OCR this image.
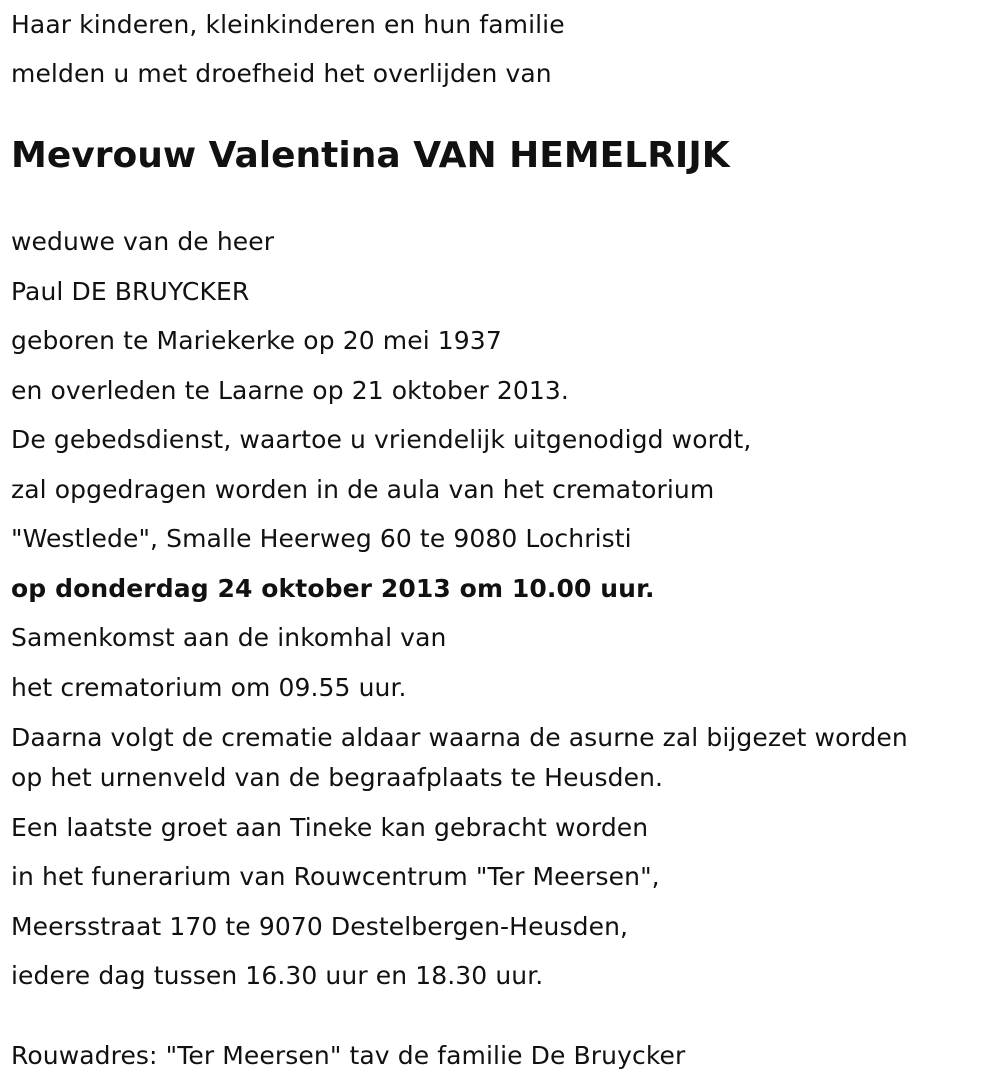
Haar kinderen, kleinkinderen en hun familie
melden u met droefheid het overlijden van
Mevrouw Valentina VAN HEMELRIJK
weduwe van de heer
Paul DE BRUYCKER
geboren te Mariekerke op 20 mei 1937
en overleden te Laarne op 21 oktober 2013.
De gebedsdienst, waartoe u vriendelijk uitgenodigd wordt,
zal opgedragen worden in de aula van het crematorium
"Westlede", Smalle Heerweg 60 te 9080 Lochristi
op donderdag 24 oktober 2013 om 10.00 uur.
Samenkomst aan de inkomhal van
het crematorium om 09.55 uur.
Daarna volgt de crematie aldaar waarna de asurne zal bijgezet worden
op het urnenveld van de begraafplaats te Heusden.
Een laatste groet aan Tineke kan gebracht worden
in het funerarium van Rouwcentrum "Ter Meersen",
Meersstraat 170 te 9070 Destelbergen-Heusden,
iedere dag tussen 16.30 uur en 18.30 uur.
Rouwadres: "Ter Meersen" tav de familie De Bruycker
